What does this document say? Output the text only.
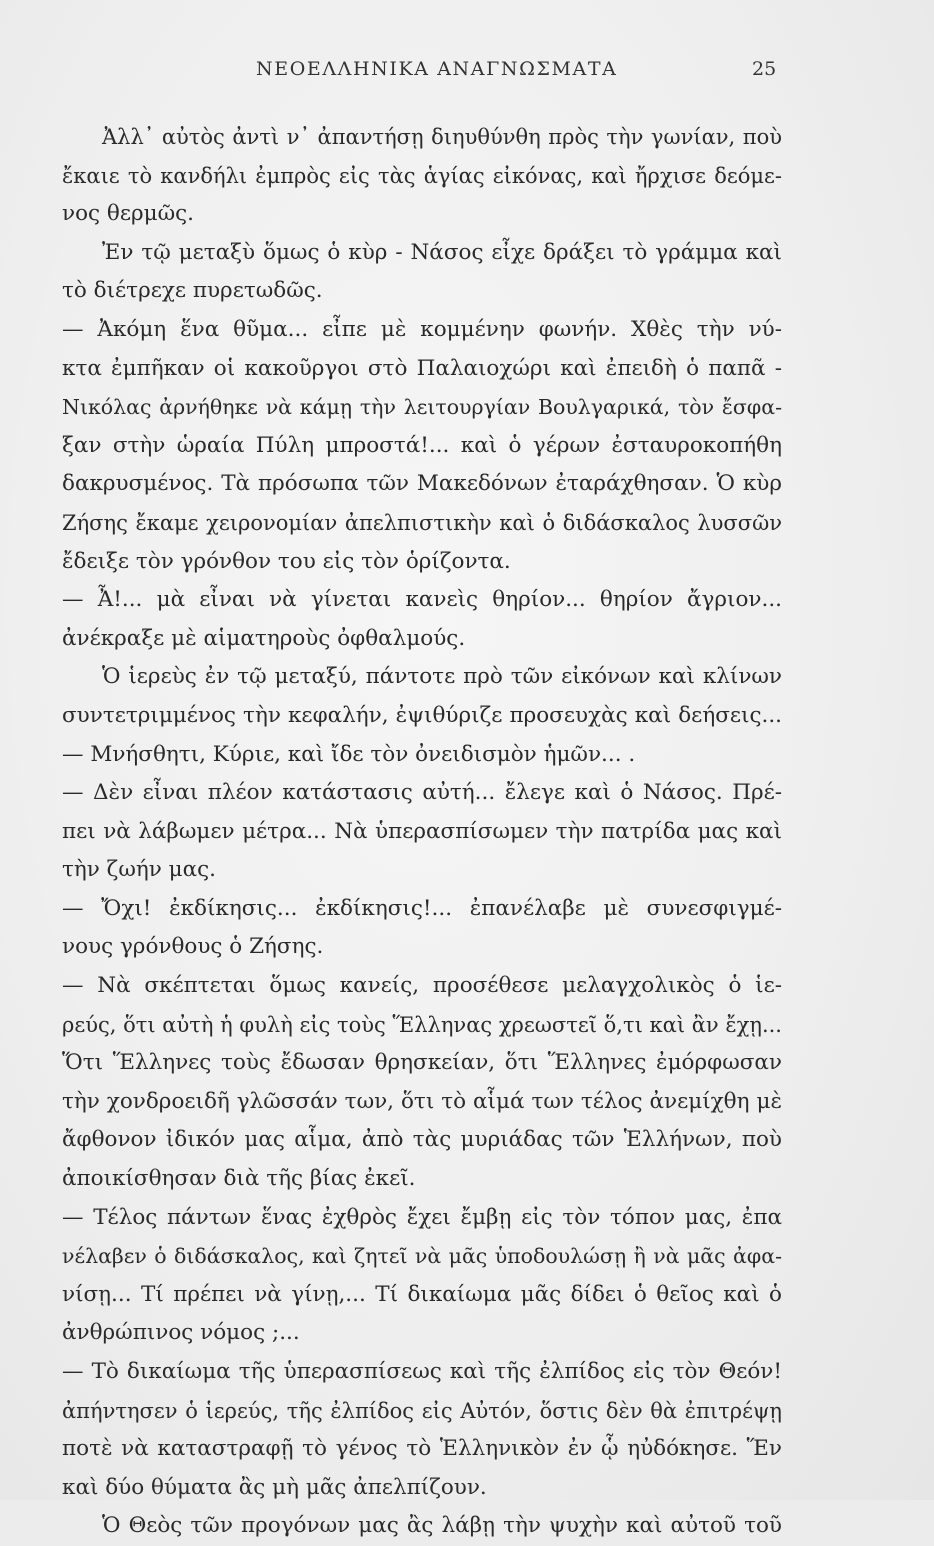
ΝΕΟΕΛΛΗΝΙΚΑ ΑΝΑΓΝΩΣΜΑΤΑ	25
Ἀλλ᾽ αὐτὸς ἀντὶ ν᾽ ἀπαντήσῃ διηυθύνθη πρὸς τὴν γωνίαν, ποὺ
ἔκαιε τὸ κανδήλι ἐμπρὸς εἰς τὰς ἁγίας εἰκόνας, καὶ ἤρχισε δεόμε-
νος θερμῶς.
Ἐν τῷ μεταξὺ ὅμως ὁ κὺρ - Νάσος εἶχε δράξει τὸ γράμμα καὶ
τὸ διέτρεχε πυρετωδῶς.
— Ἀκόμη ἕνα θῦμα... εἶπε μὲ κομμένην φωνήν. Χθὲς τὴν νύ-
κτα ἐμπῆκαν οἱ κακοῦργοι στὸ Παλαιοχώρι καὶ ἐπειδὴ ὁ παπᾶ -
Νικόλας ἀρνήθηκε νὰ κάμῃ τὴν λειτουργίαν Βουλγαρικά, τὸν ἔσφα-
ξαν στὴν ὡραία Πύλη μπροστά!... καὶ ὁ γέρων ἐσταυροκοπήθη
δακρυσμένος. Τὰ πρόσωπα τῶν Μακεδόνων ἐταράχθησαν. Ὁ κὺρ
Ζήσης ἔκαμε χειρονομίαν ἀπελπιστικὴν καὶ ὁ διδάσκαλος λυσσῶν
ἔδειξε τὸν γρόνθον του εἰς τὸν ὁρίζοντα.
— Ἆ!... μὰ εἶναι νὰ γίνεται κανεὶς θηρίον... θηρίον ἄγριον...
ἀνέκραξε μὲ αἱματηροὺς ὀφθαλμούς.
Ὁ ἱερεὺς ἐν τῷ μεταξύ, πάντοτε πρὸ τῶν εἰκόνων καὶ κλίνων
συντετριμμένος τὴν κεφαλήν, ἐψιθύριζε προσευχὰς καὶ δεήσεις...
— Μνήσθητι, Κύριε, καὶ ἴδε τὸν ὀνειδισμὸν ἡμῶν... .
— Δὲν εἶναι πλέον κατάστασις αὐτή... ἔλεγε καὶ ὁ Νάσος. Πρέ-
πει νὰ λάβωμεν μέτρα... Νὰ ὑπερασπίσωμεν τὴν πατρίδα μας καὶ
τὴν ζωήν μας.
— Ὄχι! ἐκδίκησις... ἐκδίκησις!... ἐπανέλαβε μὲ συνεσφιγμέ-
νους γρόνθους ὁ Ζήσης.
— Νὰ σκέπτεται ὅμως κανείς, προσέθεσε μελαγχολικὸς ὁ ἱε-
ρεύς, ὅτι αὐτὴ ἡ φυλὴ εἰς τοὺς Ἕλληνας χρεωστεῖ ὅ,τι καὶ ἂν ἔχῃ...
Ὅτι Ἕλληνες τοὺς ἔδωσαν θρησκείαν, ὅτι Ἕλληνες ἐμόρφωσαν
τὴν χονδροειδῆ γλῶσσάν των, ὅτι τὸ αἷμά των τέλος ἀνεμίχθη μὲ
ἄφθονον ἰδικόν μας αἷμα, ἀπὸ τὰς μυριάδας τῶν Ἑλλήνων, ποὺ
ἀποικίσθησαν διὰ τῆς βίας ἐκεῖ.
— Τέλος πάντων ἕνας ἐχθρὸς ἔχει ἔμβῃ εἰς τὸν τόπον μας, ἐπα
νέλαβεν ὁ διδάσκαλος, καὶ ζητεῖ νὰ μᾶς ὑποδουλώσῃ ἢ νὰ μᾶς ἀφα-
νίσῃ... Τί πρέπει νὰ γίνῃ,... Τί δικαίωμα μᾶς δίδει ὁ θεῖος καὶ ὁ
ἀνθρώπινος νόμος ;...
— Τὸ δικαίωμα τῆς ὑπερασπίσεως καὶ τῆς ἐλπίδος εἰς τὸν Θεόν!
ἀπήντησεν ὁ ἱερεύς, τῆς ἐλπίδος εἰς Αὐτόν, ὅστις δὲν θὰ ἐπιτρέψῃ
ποτὲ νὰ καταστραφῇ τὸ γένος τὸ Ἑλληνικὸν ἐν ᾧ ηὐδόκησε. Ἕν
καὶ δύο θύματα ἂς μὴ μᾶς ἀπελπίζουν.
Ὁ Θεὸς τῶν προγόνων μας ἂς λάβῃ τὴν ψυχὴν καὶ αὐτοῦ τοῦ
